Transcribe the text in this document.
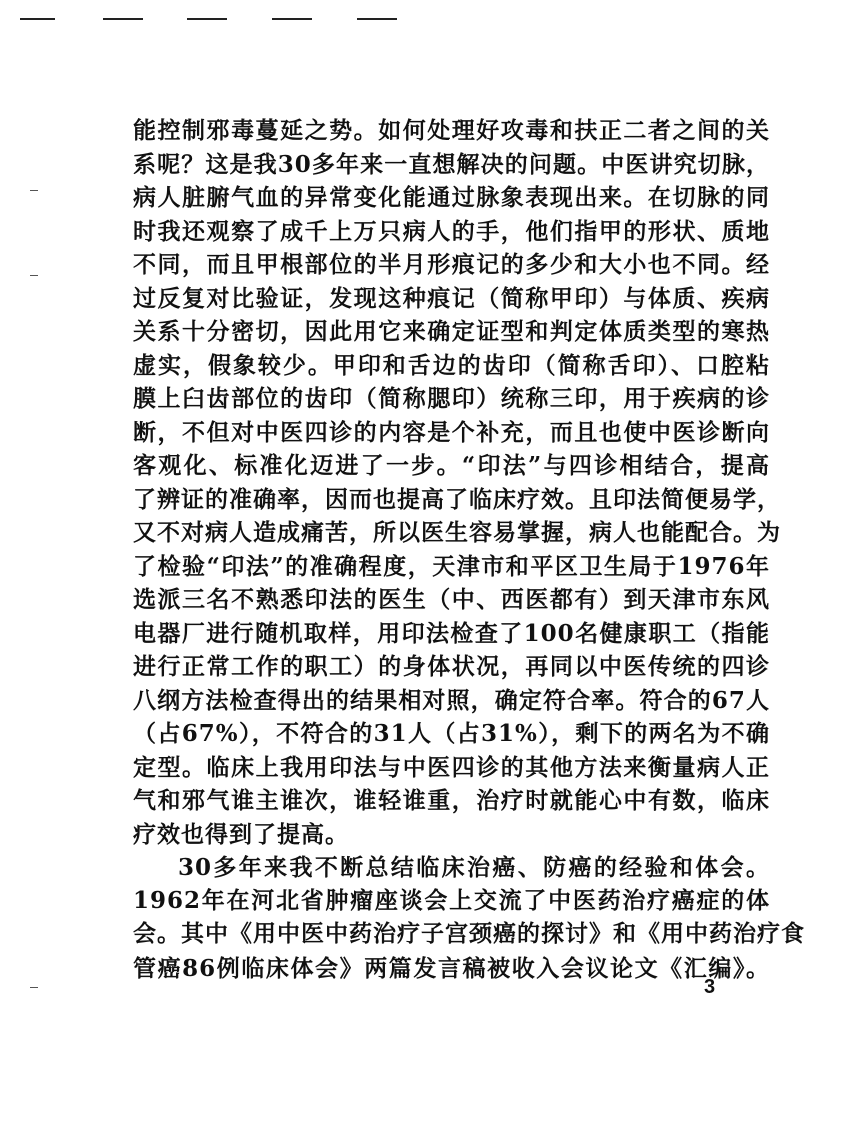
能控制邪毒蔓延之势。如何处理好攻毒和扶正二者之间的关
系呢？这是我30多年来一直想解决的问题。中医讲究切脉，
病人脏腑气血的异常变化能通过脉象表现出来。在切脉的同
时我还观察了成千上万只病人的手，他们指甲的形状、质地
不同，而且甲根部位的半月形痕记的多少和大小也不同。经
过反复对比验证，发现这种痕记（简称甲印）与体质、疾病
关系十分密切，因此用它来确定证型和判定体质类型的寒热
虚实，假象较少。甲印和舌边的齿印（简称舌印）、口腔粘
膜上臼齿部位的齿印（简称腮印）统称三印，用于疾病的诊
断，不但对中医四诊的内容是个补充，而且也使中医诊断向
客观化、标准化迈进了一步。“印法”与四诊相结合，提高
了辨证的准确率，因而也提高了临床疗效。且印法简便易学，
又不对病人造成痛苦，所以医生容易掌握，病人也能配合。为
了检验“印法”的准确程度，天津市和平区卫生局于1976年
选派三名不熟悉印法的医生（中、西医都有）到天津市东风
电器厂进行随机取样，用印法检查了100名健康职工（指能
进行正常工作的职工）的身体状况，再同以中医传统的四诊
八纲方法检查得出的结果相对照，确定符合率。符合的67人
（占67%），不符合的31人（占31%），剩下的两名为不确
定型。临床上我用印法与中医四诊的其他方法来衡量病人正
气和邪气谁主谁次，谁轻谁重，治疗时就能心中有数，临床
疗效也得到了提高。
30多年来我不断总结临床治癌、防癌的经验和体会。
1962年在河北省肿瘤座谈会上交流了中医药治疗癌症的体
会。其中《用中医中药治疗子宫颈癌的探讨》和《用中药治疗食
管癌86例临床体会》两篇发言稿被收入会议论文《汇编》。
3
